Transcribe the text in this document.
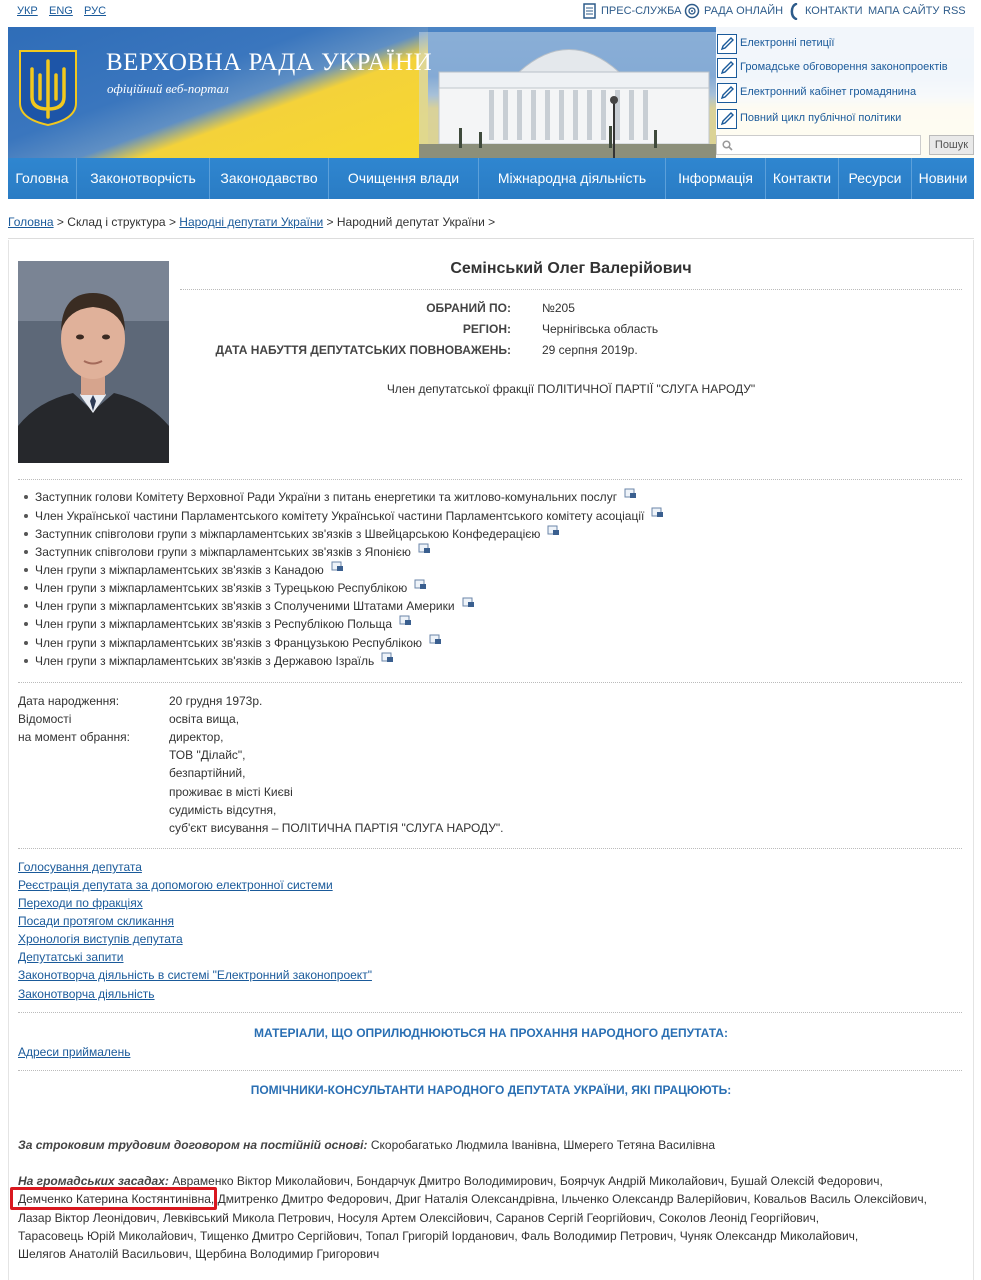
УКР ENG РУС	ПРЕС-СЛУЖБА РАДА ОНЛАЙН КОНТАКТИ МАПА САЙТУ RSS
ВЕРХОВНА РАДА УКРАЇНИ
офіційний веб-портал
Електронні петиції
Громадське обговорення законопроектів
Електронний кабінет громадянина
Повний цикл публічної політики
Пошук
Головна	Законотворчість	Законодавство	Очищення влади	Міжнародна діяльність	Інформація	Контакти	Ресурси	Новини
Головна > Склад і структура > Народні депутати України > Народний депутат України >
Семінський Олег Валерійович
ОБРАНИЙ ПО:	№205
РЕГІОН:	Чернігівська область
ДАТА НАБУТТЯ ДЕПУТАТСЬКИХ ПОВНОВАЖЕНЬ:	29 серпня 2019р.
Член депутатської фракції ПОЛІТИЧНОЇ ПАРТІЇ "СЛУГА НАРОДУ"
Заступник голови Комітету Верховної Ради України з питань енергетики та житлово-комунальних послуг
Член Української частини Парламентського комітету Української частини Парламентського комітету асоціації
Заступник співголови групи з міжпарламентських зв'язків з Швейцарською Конфедерацією
Заступник співголови групи з міжпарламентських зв'язків з Японією
Член групи з міжпарламентських зв'язків з Канадою
Член групи з міжпарламентських зв'язків з Турецькою Республікою
Член групи з міжпарламентських зв'язків з Сполученими Штатами Америки
Член групи з міжпарламентських зв'язків з Республікою Польща
Член групи з міжпарламентських зв'язків з Французькою Республікою
Член групи з міжпарламентських зв'язків з Державою Ізраїль
Дата народження:	20 грудня 1973р.
Відомості
на момент обрання:
освіта вища,
директор,
ТОВ "Ділайс",
безпартійний,
проживає в місті Києві
судимість відсутня,
суб'єкт висування – ПОЛІТИЧНА ПАРТІЯ "СЛУГА НАРОДУ".
Голосування депутата
Реєстрація депутата за допомогою електронної системи
Переходи по фракціях
Посади протягом скликання
Хронологія виступів депутата
Депутатські запити
Законотворча діяльність в системі "Електронний законопроект"
Законотворча діяльність
МАТЕРІАЛИ, ЩО ОПРИЛЮДНЮЮТЬСЯ НА ПРОХАННЯ НАРОДНОГО ДЕПУТАТА:
Адреси приймалень
ПОМІЧНИКИ-КОНСУЛЬТАНТИ НАРОДНОГО ДЕПУТАТА УКРАЇНИ, ЯКІ ПРАЦЮЮТЬ:
За строковим трудовим договором на постійній основі: Скоробагатько Людмила Іванівна, Шмерего Тетяна Василівна
На громадських засадах: Авраменко Віктор Миколайович, Бондарчук Дмитро Володимирович, Боярчук Андрій Миколайович, Бушай Олексій Федорович,
Демченко Катерина Костянтинівна, Дмитренко Дмитро Федорович, Дриг Наталія Олександрівна, Ільченко Олександр Валерійович, Ковальов Василь Олексійович,
Лазар Віктор Леонідович, Левківський Микола Петрович, Носуля Артем Олексійович, Саранов Сергій Георгійович, Соколов Леонід Георгійович,
Тарасовець Юрій Миколайович, Тищенко Дмитро Сергійович, Топал Григорій Іорданович, Фаль Володимир Петрович, Чуняк Олександр Миколайович,
Шелягов Анатолій Васильович, Щербина Володимир Григорович
